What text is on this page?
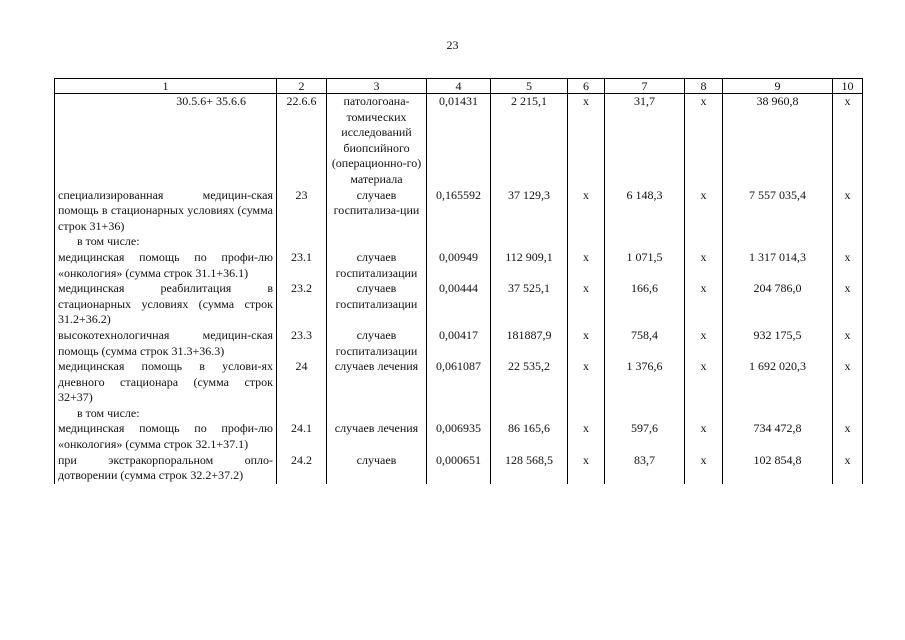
23
1	2	3	4	5	6	7	8	9	10
30.5.6+ 35.6.6	22.6.6	патологоана-томических исследований биопсийного (операционно-го) материала	0,01431	2 215,1	х	31,7	х	38 960,8	х
специализированная медицин-ская помощь в стационарных условиях (сумма строк 31+36)	23	случаев госпитализа-ции	0,165592	37 129,3	х	6 148,3	х	7 557 035,4	х
в том числе:									
медицинская помощь по профи-лю «онкология» (сумма строк 31.1+36.1)	23.1	случаев госпитализации	0,00949	112 909,1	х	1 071,5	х	1 317 014,3	х
медицинская реабилитация в стационарных условиях (сумма строк 31.2+36.2)	23.2	случаев госпитализации	0,00444	37 525,1	х	166,6	х	204 786,0	х
высокотехнологичная медицин-ская помощь (сумма строк 31.3+36.3)	23.3	случаев госпитализации	0,00417	181887,9	х	758,4	х	932 175,5	х
медицинская помощь в услови-ях дневного стационара (сумма строк 32+37)	24	случаев лечения	0,061087	22 535,2	х	1 376,6	х	1 692 020,3	х
в том числе:									
медицинская помощь по профи-лю «онкология» (сумма строк 32.1+37.1)	24.1	случаев лечения	0,006935	86 165,6	х	597,6	х	734 472,8	х
при экстракорпоральном опло-дотворении (сумма строк 32.2+37.2)	24.2	случаев	0,000651	128 568,5	х	83,7	х	102 854,8	х
